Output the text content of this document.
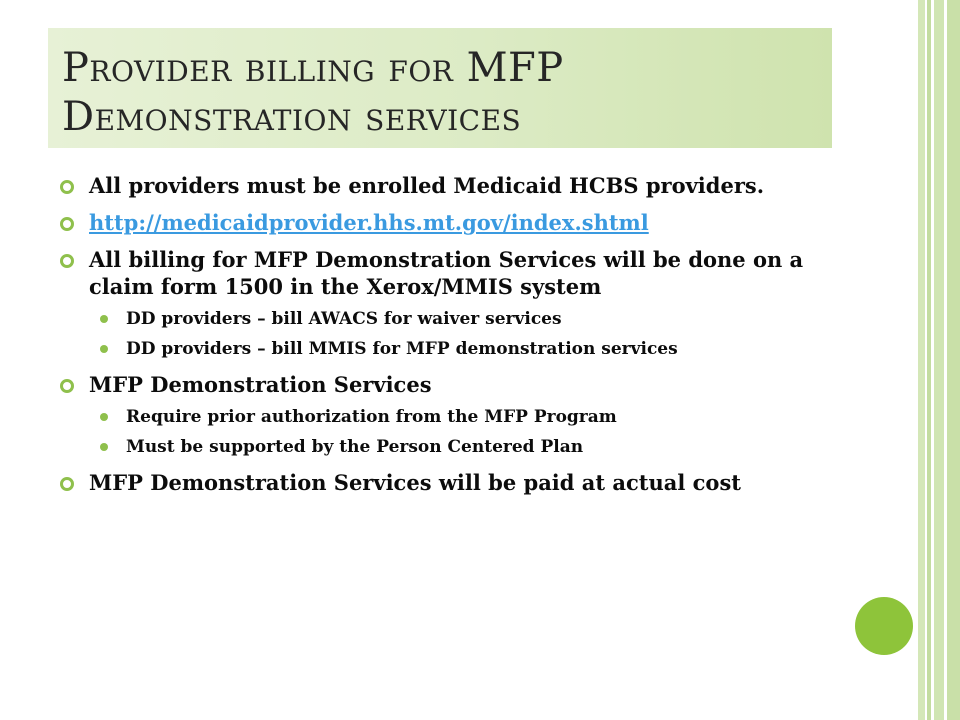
Provider billing for MFP
Demonstration services
All providers must be enrolled Medicaid HCBS providers.
http://medicaidprovider.hhs.mt.gov/index.shtml
All billing for MFP Demonstration Services will be done on a claim form 1500 in the Xerox/MMIS system
DD providers – bill AWACS for waiver services
DD providers – bill MMIS for MFP demonstration services
MFP Demonstration Services
Require prior authorization from the MFP Program
Must be supported by the Person Centered Plan
MFP Demonstration Services will be paid at actual cost
